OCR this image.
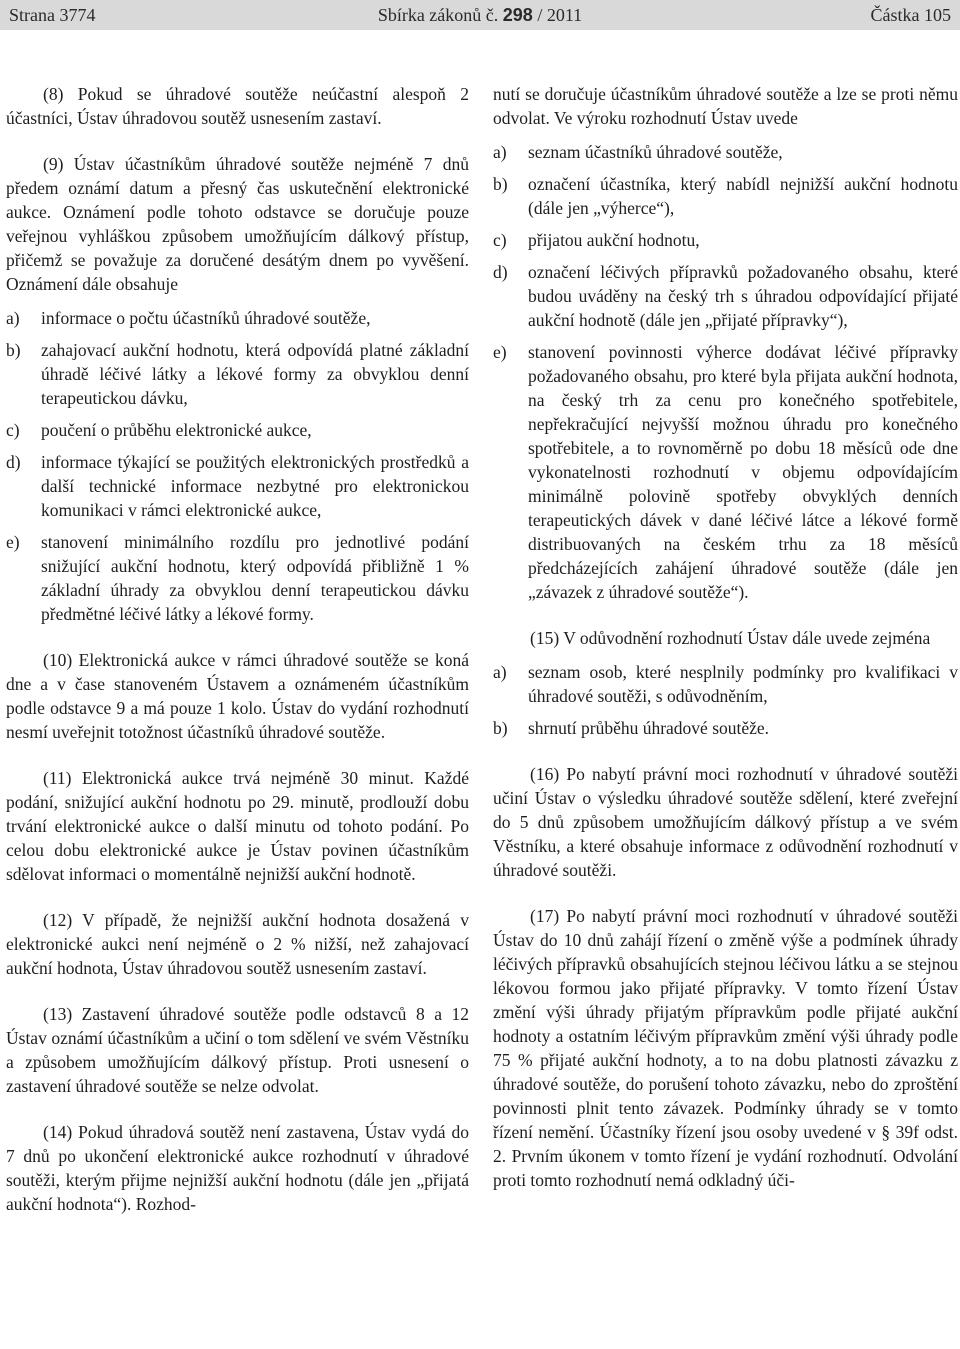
Strana 3774	Sbírka zákonů č. 298 / 2011	Částka 105

(8) Pokud se úhradové soutěže neúčastní alespoň 2 účastníci, Ústav úhradovou soutěž usnesením zastaví.

(9) Ústav účastníkům úhradové soutěže nejméně 7 dnů předem oznámí datum a přesný čas uskutečnění elektronické aukce. Oznámení podle tohoto odstavce se doručuje pouze veřejnou vyhláškou způsobem umožňujícím dálkový přístup, přičemž se považuje za doručené desátým dnem po vyvěšení. Oznámení dále obsahuje

a) informace o počtu účastníků úhradové soutěže,
b) zahajovací aukční hodnotu, která odpovídá platné základní úhradě léčivé látky a lékové formy za obvyklou denní terapeutickou dávku,
c) poučení o průběhu elektronické aukce,
d) informace týkající se použitých elektronických prostředků a další technické informace nezbytné pro elektronickou komunikaci v rámci elektronické aukce,
e) stanovení minimálního rozdílu pro jednotlivé podání snižující aukční hodnotu, který odpovídá přibližně 1 % základní úhrady za obvyklou denní terapeutickou dávku předmětné léčivé látky a lékové formy.

(10) Elektronická aukce v rámci úhradové soutěže se koná dne a v čase stanoveném Ústavem a oznámeném účastníkům podle odstavce 9 a má pouze 1 kolo. Ústav do vydání rozhodnutí nesmí uveřejnit totožnost účastníků úhradové soutěže.

(11) Elektronická aukce trvá nejméně 30 minut. Každé podání, snižující aukční hodnotu po 29. minutě, prodlouží dobu trvání elektronické aukce o další minutu od tohoto podání. Po celou dobu elektronické aukce je Ústav povinen účastníkům sdělovat informaci o momentálně nejnižší aukční hodnotě.

(12) V případě, že nejnižší aukční hodnota dosažená v elektronické aukci není nejméně o 2 % nižší, než zahajovací aukční hodnota, Ústav úhradovou soutěž usnesením zastaví.

(13) Zastavení úhradové soutěže podle odstavců 8 a 12 Ústav oznámí účastníkům a učiní o tom sdělení ve svém Věstníku a způsobem umožňujícím dálkový přístup. Proti usnesení o zastavení úhradové soutěže se nelze odvolat.

(14) Pokud úhradová soutěž není zastavena, Ústav vydá do 7 dnů po ukončení elektronické aukce rozhodnutí v úhradové soutěži, kterým přijme nejnižší aukční hodnotu (dále jen „přijatá aukční hodnota“). Rozhod-

nutí se doručuje účastníkům úhradové soutěže a lze se proti němu odvolat. Ve výroku rozhodnutí Ústav uvede

a) seznam účastníků úhradové soutěže,
b) označení účastníka, který nabídl nejnižší aukční hodnotu (dále jen „výherce“),
c) přijatou aukční hodnotu,
d) označení léčivých přípravků požadovaného obsahu, které budou uváděny na český trh s úhradou odpovídající přijaté aukční hodnotě (dále jen „přijaté přípravky“),
e) stanovení povinnosti výherce dodávat léčivé přípravky požadovaného obsahu, pro které byla přijata aukční hodnota, na český trh za cenu pro konečného spotřebitele, nepřekračující nejvyšší možnou úhradu pro konečného spotřebitele, a to rovnoměrně po dobu 18 měsíců ode dne vykonatelnosti rozhodnutí v objemu odpovídajícím minimálně polovině spotřeby obvyklých denních terapeutických dávek v dané léčivé látce a lékové formě distribuovaných na českém trhu za 18 měsíců předcházejících zahájení úhradové soutěže (dále jen „závazek z úhradové soutěže“).

(15) V odůvodnění rozhodnutí Ústav dále uvede zejména

a) seznam osob, které nesplnily podmínky pro kvalifikaci v úhradové soutěži, s odůvodněním,
b) shrnutí průběhu úhradové soutěže.

(16) Po nabytí právní moci rozhodnutí v úhradové soutěži učiní Ústav o výsledku úhradové soutěže sdělení, které zveřejní do 5 dnů způsobem umožňujícím dálkový přístup a ve svém Věstníku, a které obsahuje informace z odůvodnění rozhodnutí v úhradové soutěži.

(17) Po nabytí právní moci rozhodnutí v úhradové soutěži Ústav do 10 dnů zahájí řízení o změně výše a podmínek úhrady léčivých přípravků obsahujících stejnou léčivou látku a se stejnou lékovou formou jako přijaté přípravky. V tomto řízení Ústav změní výši úhrady přijatým přípravkům podle přijaté aukční hodnoty a ostatním léčivým přípravkům změní výši úhrady podle 75 % přijaté aukční hodnoty, a to na dobu platnosti závazku z úhradové soutěže, do porušení tohoto závazku, nebo do zproštění povinnosti plnit tento závazek. Podmínky úhrady se v tomto řízení nemění. Účastníky řízení jsou osoby uvedené v § 39f odst. 2. Prvním úkonem v tomto řízení je vydání rozhodnutí. Odvolání proti tomto rozhodnutí nemá odkladný úči-
